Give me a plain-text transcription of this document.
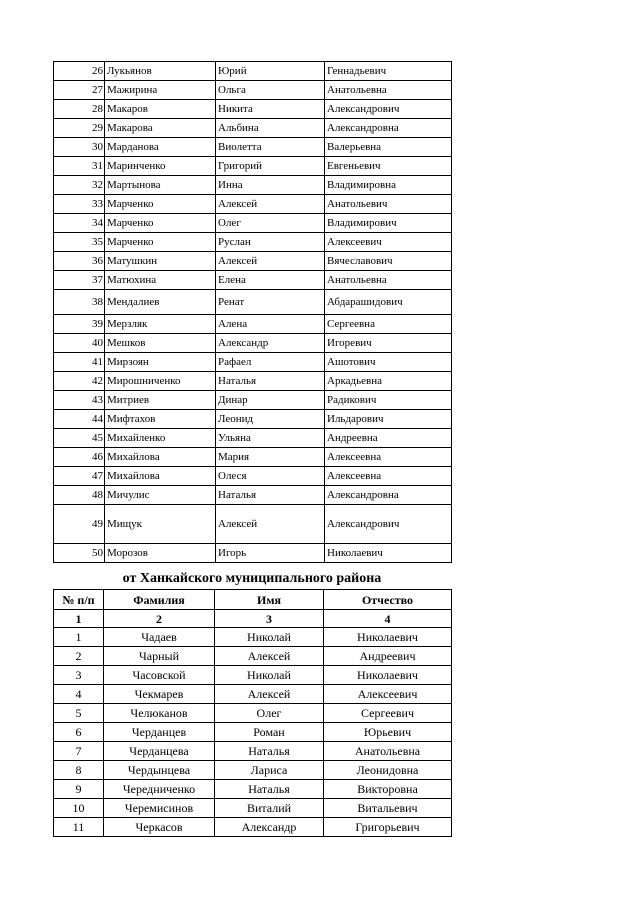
26	Лукьянов	Юрий	Геннадьевич
27	Мажирина	Ольга	Анатольевна
28	Макаров	Никита	Александрович
29	Макарова	Альбина	Александровна
30	Марданова	Виолетта	Валерьевна
31	Маринченко	Григорий	Евгеньевич
32	Мартынова	Инна	Владимировна
33	Марченко	Алексей	Анатольевич
34	Марченко	Олег	Владимирович
35	Марченко	Руслан	Алексеевич
36	Матушкин	Алексей	Вячеславович
37	Матюхина	Елена	Анатольевна
38	Мендалиев	Ренат	Абдарашидович
39	Мерзляк	Алена	Сергеевна
40	Мешков	Александр	Игоревич
41	Мирзоян	Рафаел	Ашотович
42	Мирошниченко	Наталья	Аркадьевна
43	Митриев	Динар	Радикович
44	Мифтахов	Леонид	Ильдарович
45	Михайленко	Ульяна	Андреевна
46	Михайлова	Мария	Алексеевна
47	Михайлова	Олеся	Алексеевна
48	Мичулис	Наталья	Александровна
49	Мищук	Алексей	Александрович
50	Морозов	Игорь	Николаевич
от Ханкайского муниципального района
№ п/п	Фамилия	Имя	Отчество
1	2	3	4
1	Чадаев	Николай	Николаевич
2	Чарный	Алексей	Андреевич
3	Часовской	Николай	Николаевич
4	Чекмарев	Алексей	Алексеевич
5	Челюканов	Олег	Сергеевич
6	Черданцев	Роман	Юрьевич
7	Черданцева	Наталья	Анатольевна
8	Чердынцева	Лариса	Леонидовна
9	Чередниченко	Наталья	Викторовна
10	Черемисинов	Виталий	Витальевич
11	Черкасов	Александр	Григорьевич
